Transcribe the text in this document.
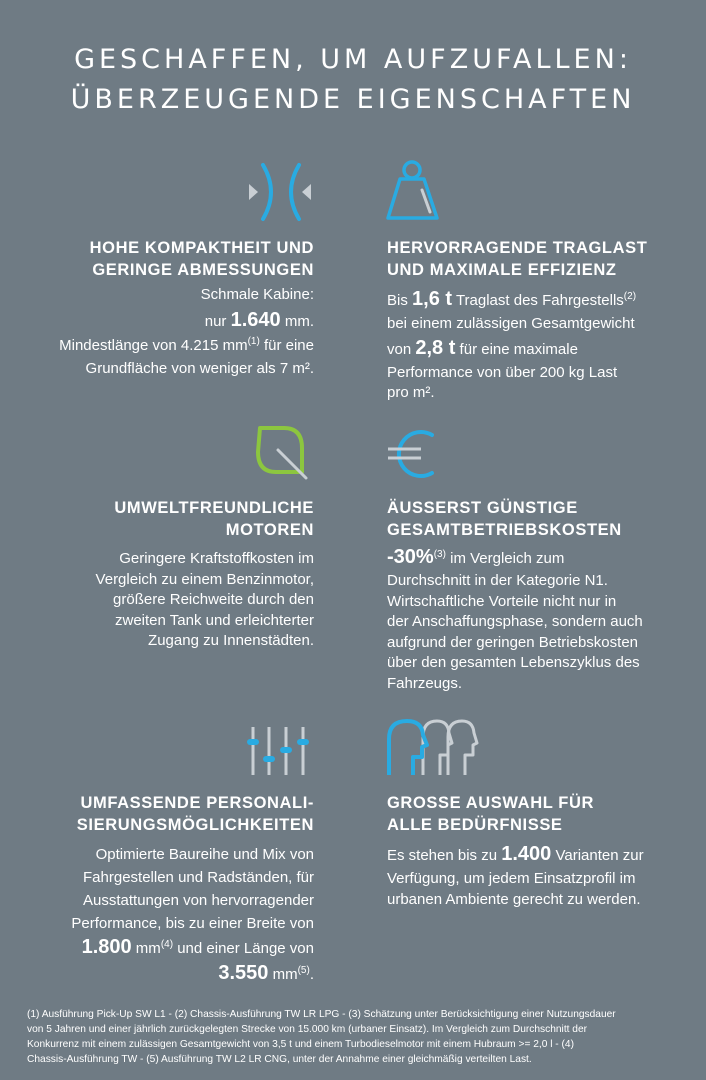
GESCHAFFEN, UM AUFZUFALLEN:
ÜBERZEUGENDE EIGENSCHAFTEN
HOHE KOMPAKTHEIT UND
GERINGE ABMESSUNGEN
Schmale Kabine:
nur 1.640 mm.
Mindestlänge von 4.215 $mm^{(1)}$ für eine
Grundfläche von weniger als 7 m².
HERVORRAGENDE TRAGLAST
UND MAXIMALE EFFIZIENZ
Bis 1,6 t Traglast des Fahrgestells$^{(2)}$
bei einem zulässigen Gesamtgewicht
von 2,8 t für eine maximale
Performance von über 200 kg Last
pro m².
UMWELTFREUNDLICHE
MOTOREN
Geringere Kraftstoffkosten im
Vergleich zu einem Benzinmotor,
größere Reichweite durch den
zweiten Tank und erleichterter
Zugang zu Innenstädten.
ÄUSSERST GÜNSTIGE
GESAMTBETRIEBSKOSTEN
-30%$^{(3)}$ im Vergleich zum
Durchschnitt in der Kategorie N1.
Wirtschaftliche Vorteile nicht nur in
der Anschaffungsphase, sondern auch
aufgrund der geringen Betriebskosten
über den gesamten Lebenszyklus des
Fahrzeugs.
UMFASSENDE PERSONALI-
SIERUNGSMÖGLICHKEITEN
Optimierte Baureihe und Mix von
Fahrgestellen und Radständen, für
Ausstattungen von hervorragender
Performance, bis zu einer Breite von
1.800 $mm^{(4)}$ und einer Länge von
3.550 $mm^{(5)}$.
GROSSE AUSWAHL FÜR
ALLE BEDÜRFNISSE
Es stehen bis zu 1.400 Varianten zur
Verfügung, um jedem Einsatzprofil im
urbanen Ambiente gerecht zu werden.
(1) Ausführung Pick-Up SW L1 - (2) Chassis-Ausführung TW LR LPG - (3) Schätzung unter Berücksichtigung einer Nutzungsdauer
von 5 Jahren und einer jährlich zurückgelegten Strecke von 15.000 km (urbaner Einsatz). Im Vergleich zum Durchschnitt der
Konkurrenz mit einem zulässigen Gesamtgewicht von 3,5 t und einem Turbodieselmotor mit einem Hubraum >= 2,0 l - (4)
Chassis-Ausführung TW - (5) Ausführung TW L2 LR CNG, unter der Annahme einer gleichmäßig verteilten Last.
